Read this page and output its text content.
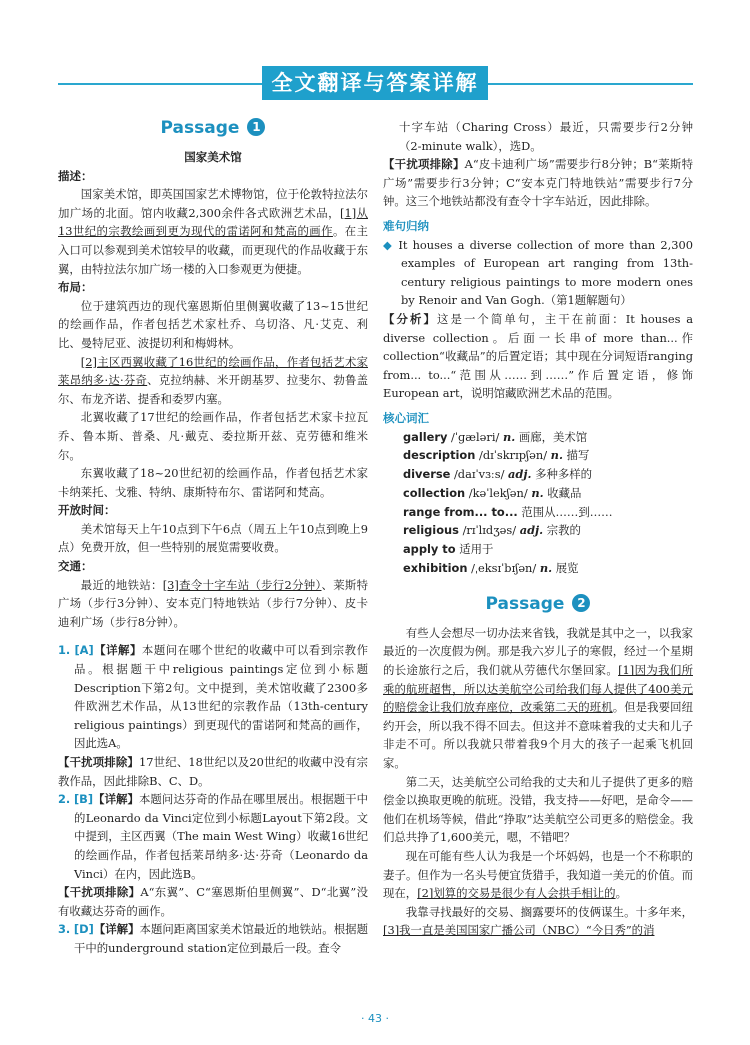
全文翻译与答案详解
Passage 1
国家美术馆
描述：

国家美术馆，即英国国家艺术博物馆，位于伦敦特拉法尔加广场的北面。馆内收藏2,300余件各式欧洲艺术品，[1]从13世纪的宗教绘画到更为现代的雷诺阿和梵高的画作。在主入口可以参观到美术馆较早的收藏，而更现代的作品收藏于东翼，由特拉法尔加广场一楼的入口参观更为便捷。

布局：

位于建筑西边的现代塞恩斯伯里侧翼收藏了13~15世纪的绘画作品，作者包括艺术家杜乔、乌切洛、凡·艾克、利比、曼特尼亚、波提切利和梅姆林。

[2]主区西翼收藏了16世纪的绘画作品，作者包括艺术家莱昂纳多·达·芬奇、克拉纳赫、米开朗基罗、拉斐尔、勃鲁盖尔、布龙齐诺、提香和委罗内塞。

北翼收藏了17世纪的绘画作品，作者包括艺术家卡拉瓦乔、鲁本斯、普桑、凡·戴克、委拉斯开兹、克劳德和维米尔。

东翼收藏了18~20世纪初的绘画作品，作者包括艺术家卡纳莱托、戈雅、特纳、康斯特布尔、雷诺阿和梵高。

开放时间：

美术馆每天上午10点到下午6点（周五上午10点到晚上9点）免费开放，但一些特别的展览需要收费。

交通：

最近的地铁站：[3]查令十字车站（步行2分钟）、莱斯特广场（步行3分钟）、安本克门特地铁站（步行7分钟）、皮卡迪利广场（步行8分钟）。

1. [A]【详解】本题问在哪个世纪的收藏中可以看到宗教作品。根据题干中religious paintings定位到小标题Description下第2句。文中提到，美术馆收藏了2300多件欧洲艺术作品，从13世纪的宗教作品（13th-century religious paintings）到更现代的雷诺阿和梵高的画作，因此选A。

【干扰项排除】17世纪、18世纪以及20世纪的收藏中没有宗教作品，因此排除B、C、D。

2. [B]【详解】本题问达芬奇的作品在哪里展出。根据题干中的Leonardo da Vinci定位到小标题Layout下第2段。文中提到，主区西翼（The main West Wing）收藏16世纪的绘画作品，作者包括莱昂纳多·达·芬奇（Leonardo da Vinci）在内，因此选B。

【干扰项排除】A“东翼”、C“塞恩斯伯里侧翼”、D“北翼”没有收藏达芬奇的画作。

3. [D]【详解】本题问距离国家美术馆最近的地铁站。根据题干中的underground station定位到最后一段。查令

十字车站（Charing Cross）最近，只需要步行2分钟（2-minute walk），选D。

【干扰项排除】A“皮卡迪利广场”需要步行8分钟；B“莱斯特广场”需要步行3分钟；C“安本克门特地铁站”需要步行7分钟。这三个地铁站都没有查令十字车站近，因此排除。

难句归纳

◆ It houses a diverse collection of more than 2,300 examples of European art ranging from 13th-century religious paintings to more modern ones by Renoir and Van Gogh.（第1题解题句）

【分析】这是一个简单句，主干在前面：It houses a diverse collection。后面一长串of more than...作collection“收藏品”的后置定语；其中现在分词短语ranging from... to...“范围从……到……”作后置定语，修饰European art，说明馆藏欧洲艺术品的范围。

核心词汇

gallery /ˈɡæləri/ n. 画廊，美术馆

description /dɪˈskrɪpʃən/ n. 描写

diverse /daɪˈvɜːs/ adj. 多种多样的

collection /kəˈlekʃən/ n. 收藏品

range from... to... 范围从……到……

religious /rɪˈlɪdʒəs/ adj. 宗教的

apply to 适用于

exhibition /ˌeksɪˈbɪʃən/ n. 展览

Passage 2

有些人会想尽一切办法来省钱，我就是其中之一，以我家最近的一次度假为例。那是我六岁儿子的寒假，经过一个星期的长途旅行之后，我们就从劳德代尔堡回家。[1]因为我们所乘的航班超售，所以达美航空公司给我们每人提供了400美元的赔偿金让我们放弃座位，改乘第二天的班机。但是我要回纽约开会，所以我不得不回去。但这并不意味着我的丈夫和儿子非走不可。所以我就只带着我9个月大的孩子一起乘飞机回家。

第二天，达美航空公司给我的丈夫和儿子提供了更多的赔偿金以换取更晚的航班。没错，我支持——好吧，是命令——他们在机场等候，借此“挣取”达美航空公司更多的赔偿金。我们总共挣了1,600美元，嗯，不错吧？

现在可能有些人认为我是一个坏妈妈，也是一个不称职的妻子。但作为一名头号便宜货猎手，我知道一美元的价值。而现在，[2]划算的交易是很少有人会拱手相让的。

我靠寻找最好的交易、搁露要坏的伎俩谋生。十多年来，[3]我一直是美国国家广播公司（NBC）“今日秀”的消

· 43 ·
